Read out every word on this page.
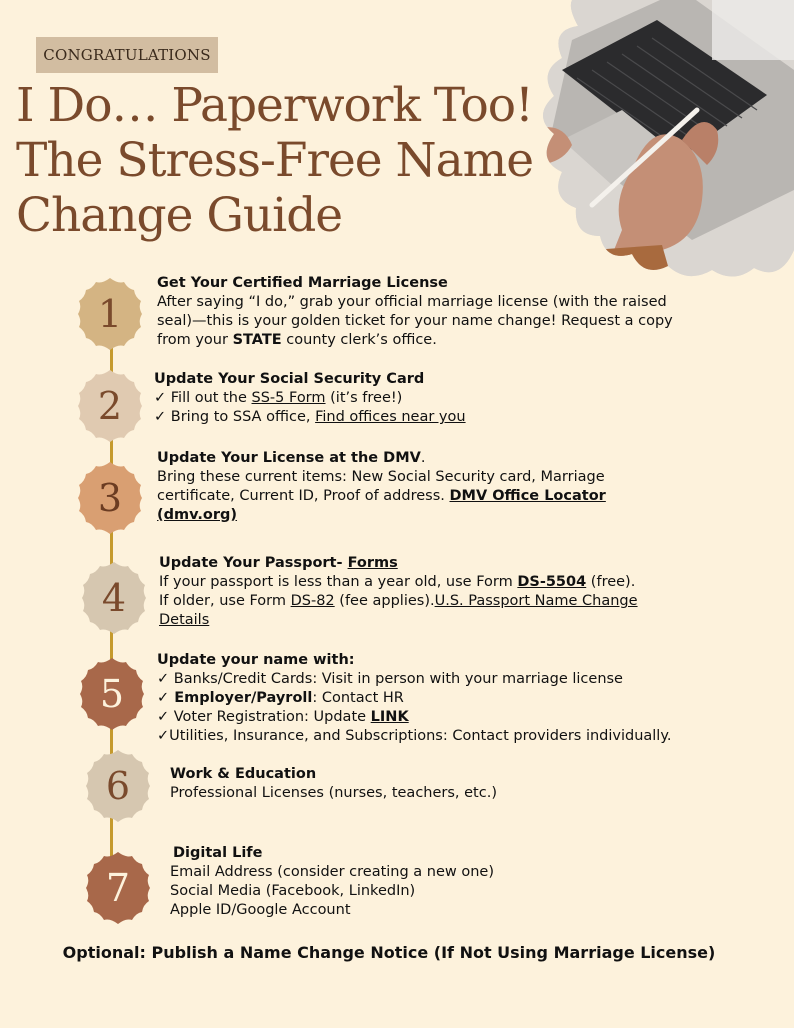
CONGRATULATIONS
I Do… Paperwork Too!
The Stress-Free Name
Change Guide
1
2
3
4
5
6
7
Get Your Certified Marriage License
After saying “I do,” grab your official marriage license (with the raised
seal)—this is your golden ticket for your name change! Request a copy
from your STATE county clerk’s office.
Update Your Social Security Card
✓ Fill out the SS-5 Form (it’s free!)
✓ Bring to SSA office, Find offices near you
Update Your License at the DMV.
Bring these current items: New Social Security card, Marriage
certificate, Current ID, Proof of address. DMV Office Locator
(dmv.org)
Update Your Passport- Forms
If your passport is less than a year old, use Form DS-5504 (free).
If older, use Form DS-82 (fee applies).U.S. Passport Name Change
Details
Update your name with:
✓ Banks/Credit Cards: Visit in person with your marriage license
✓ Employer/Payroll: Contact HR
✓ Voter Registration: Update LINK
✓Utilities, Insurance, and Subscriptions: Contact providers individually.
Work & Education
Professional Licenses (nurses, teachers, etc.)
Digital Life
Email Address (consider creating a new one)
Social Media (Facebook, LinkedIn)
Apple ID/Google Account
Optional: Publish a Name Change Notice (If Not Using Marriage License)
